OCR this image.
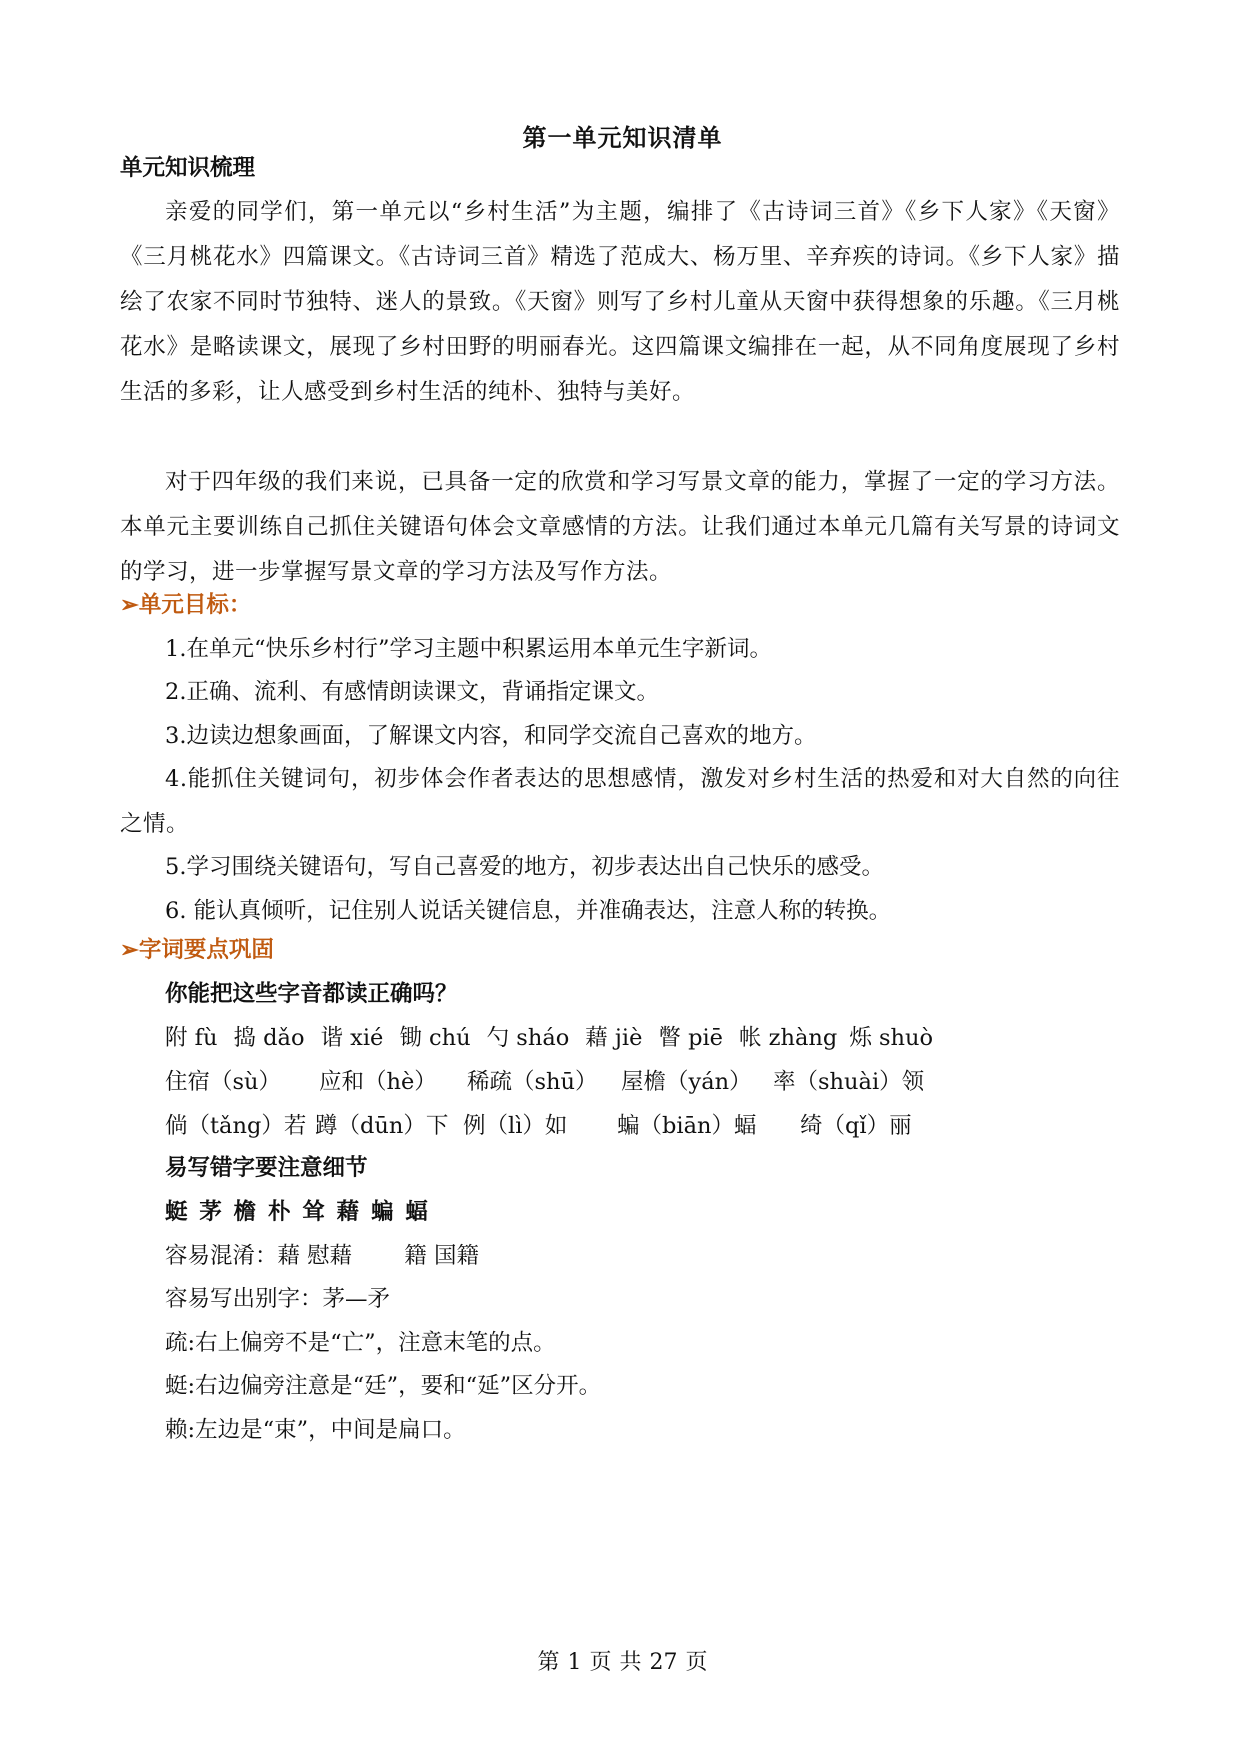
第一单元知识清单
单元知识梳理
亲爱的同学们，第一单元以“乡村生活”为主题，编排了《古诗词三首》《乡下人家》《天窗》《三月桃花水》四篇课文。《古诗词三首》精选了范成大、杨万里、辛弃疾的诗词。《乡下人家》描绘了农家不同时节独特、迷人的景致。《天窗》则写了乡村儿童从天窗中获得想象的乐趣。《三月桃花水》是略读课文，展现了乡村田野的明丽春光。这四篇课文编排在一起，从不同角度展现了乡村生活的多彩，让人感受到乡村生活的纯朴、独特与美好。
对于四年级的我们来说，已具备一定的欣赏和学习写景文章的能力，掌握了一定的学习方法。本单元主要训练自己抓住关键语句体会文章感情的方法。让我们通过本单元几篇有关写景的诗词文的学习，进一步掌握写景文章的学习方法及写作方法。
➢单元目标：
1.在单元“快乐乡村行”学习主题中积累运用本单元生字新词。
2.正确、流利、有感情朗读课文，背诵指定课文。
3.边读边想象画面，了解课文内容，和同学交流自己喜欢的地方。
4.能抓住关键词句，初步体会作者表达的思想感情，激发对乡村生活的热爱和对大自然的向往之情。
5.学习围绕关键语句，写自己喜爱的地方，初步表达出自己快乐的感受。
6. 能认真倾听，记住别人说话关键信息，并准确表达，注意人称的转换。
➢字词要点巩固
你能把这些字音都读正确吗？
附 fù 捣 dǎo 谐 xié 锄 chú 勺 sháo 藉 jiè 瞥 piē 帐 zhàng 烁 shuò
住宿（sù） 应和（hè） 稀疏（shū） 屋檐（yán） 率（shuài）领
倘（tǎng）若 蹲（dūn）下 例（lì）如 蝙（biān）蝠 绮（qǐ）丽
易写错字要注意细节
蜓 茅 檐 朴 耸 藉 蝙 蝠
容易混淆：藉 慰藉　　 籍 国籍
容易写出别字：茅—矛
疏:右上偏旁不是“亡”，注意末笔的点。
蜓:右边偏旁注意是“廷”，要和“延”区分开。
赖:左边是“束”，中间是扁口。
第 1 页 共 27 页
